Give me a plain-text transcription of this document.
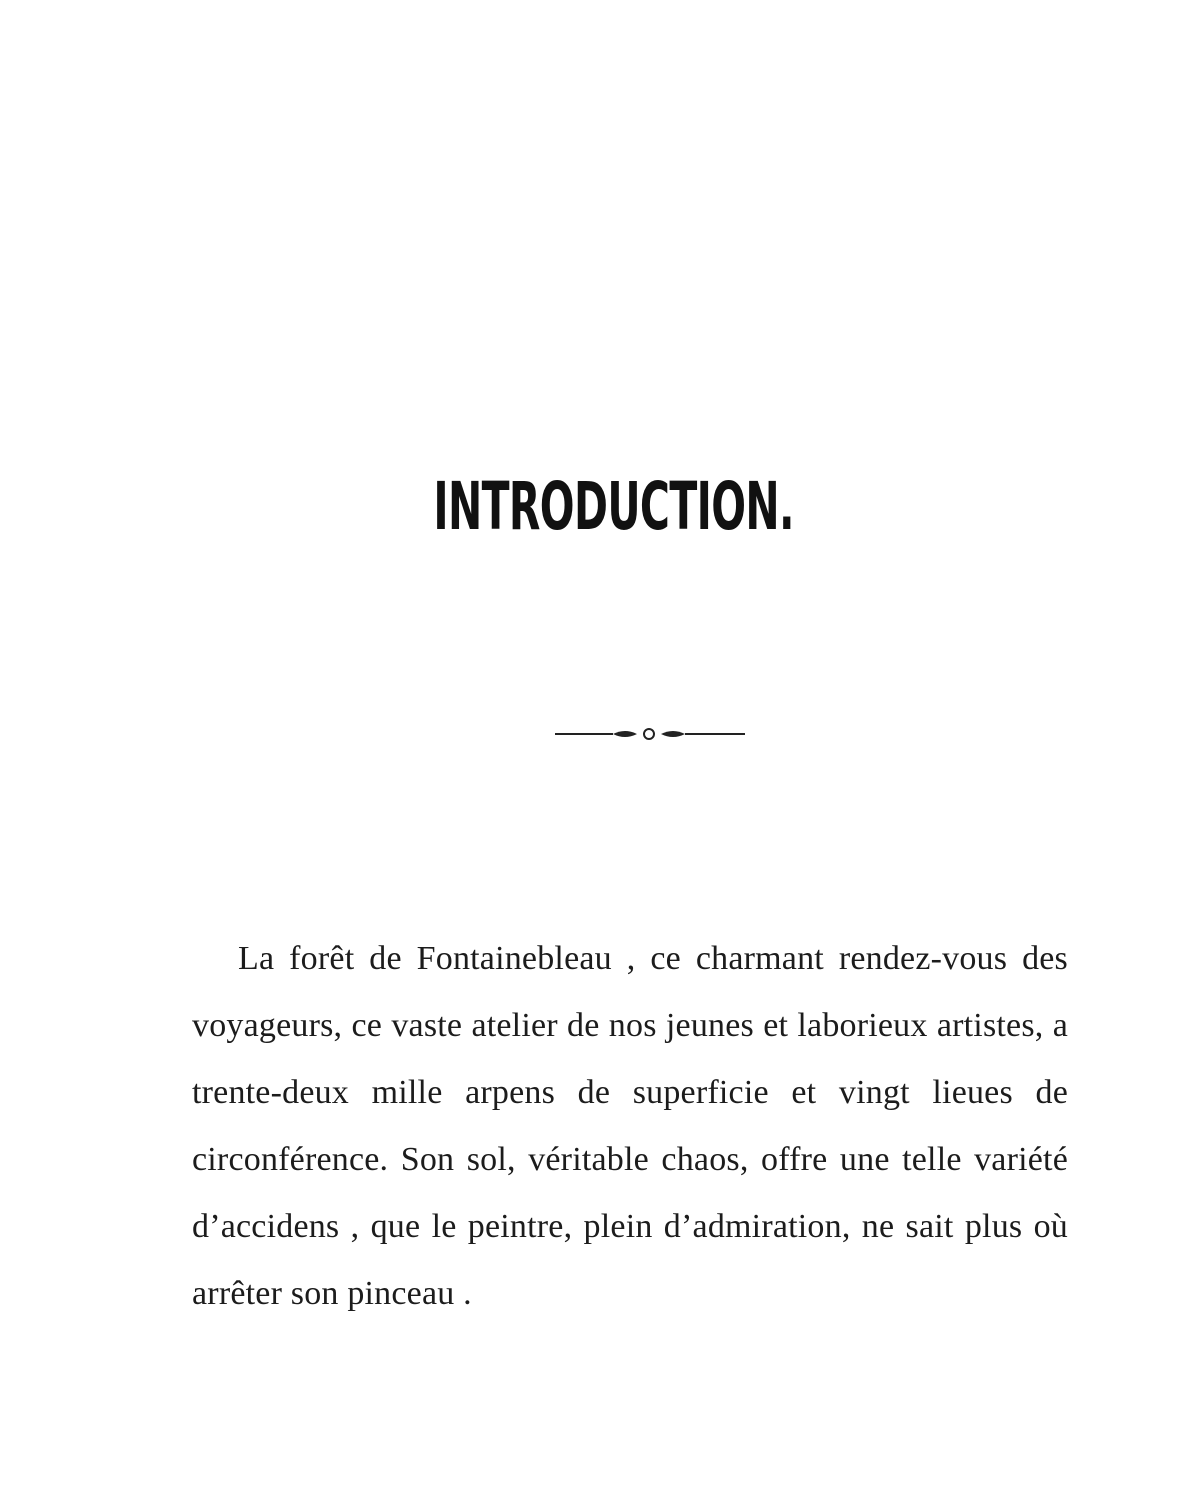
INTRODUCTION.

La forêt de Fontainebleau , ce charmant rendez-vous des voyageurs, ce vaste atelier de nos jeunes et laborieux artistes, a trente-deux mille arpens de superficie et vingt lieues de circonférence. Son sol, véritable chaos, offre une telle variété d’accidens , que le peintre, plein d’admiration, ne sait plus où arrêter son pinceau .
